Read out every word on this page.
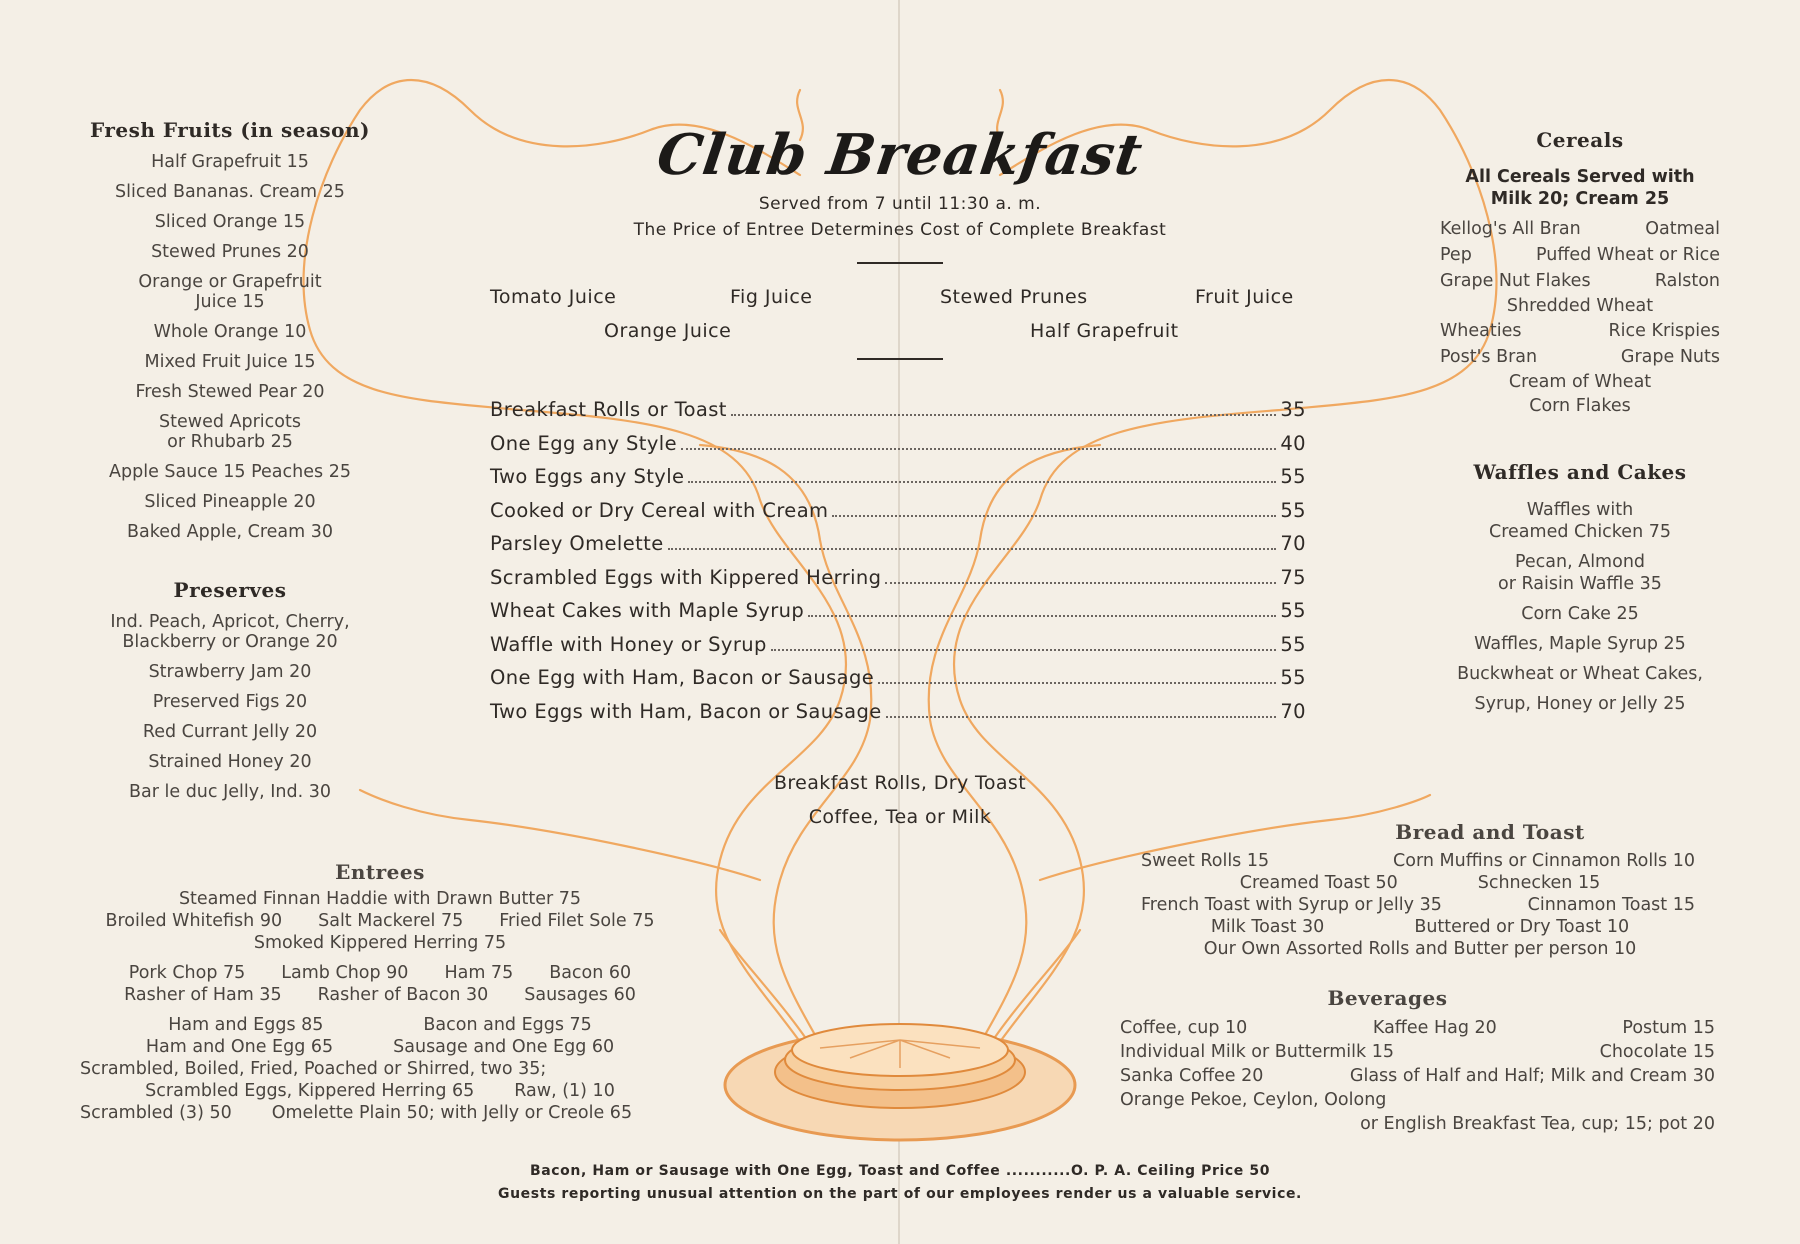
Fresh Fruits (in season)
Half Grapefruit 15
Sliced Bananas. Cream 25
Sliced Orange 15
Stewed Prunes 20
Orange or Grapefruit
Juice 15
Whole Orange 10
Mixed Fruit Juice 15
Fresh Stewed Pear 20
Stewed Apricots
or Rhubarb 25
Apple Sauce 15 Peaches 25
Sliced Pineapple 20
Baked Apple, Cream 30
Preserves
Ind. Peach, Apricot, Cherry,
Blackberry or Orange 20
Strawberry Jam 20
Preserved Figs 20
Red Currant Jelly 20
Strained Honey 20
Bar le duc Jelly, Ind. 30
Club Breakfast
Served from 7 until 11:30 a. m.
The Price of Entree Determines Cost of Complete Breakfast
Tomato Juice	Fig Juice	Stewed Prunes	Fruit Juice
Orange Juice	Half Grapefruit
Breakfast Rolls or Toast	35
One Egg any Style	40
Two Eggs any Style	55
Cooked or Dry Cereal with Cream	55
Parsley Omelette	70
Scrambled Eggs with Kippered Herring	75
Wheat Cakes with Maple Syrup	55
Waffle with Honey or Syrup	55
One Egg with Ham, Bacon or Sausage	55
Two Eggs with Ham, Bacon or Sausage	70
Breakfast Rolls, Dry Toast
Coffee, Tea or Milk
Cereals
All Cereals Served with
Milk 20; Cream 25
Kellog's All Bran	Oatmeal
Pep	Puffed Wheat or Rice
Grape Nut Flakes	Ralston
Shredded Wheat
Wheaties	Rice Krispies
Post's Bran	Grape Nuts
Cream of Wheat
Corn Flakes
Waffles and Cakes
Waffles with
Creamed Chicken 75
Pecan, Almond
or Raisin Waffle 35
Corn Cake 25
Waffles, Maple Syrup 25
Buckwheat or Wheat Cakes,
Syrup, Honey or Jelly 25
Entrees
Steamed Finnan Haddie with Drawn Butter 75
Broiled Whitefish 90 Salt Mackerel 75 Fried Filet Sole 75
Smoked Kippered Herring 75
Pork Chop 75 Lamb Chop 90 Ham 75 Bacon 60
Rasher of Ham 35 Rasher of Bacon 30 Sausages 60
Ham and Eggs 85	Bacon and Eggs 75
Ham and One Egg 65	Sausage and One Egg 60
Scrambled, Boiled, Fried, Poached or Shirred, two 35;
Scrambled Eggs, Kippered Herring 65 Raw, (1) 10
Scrambled (3) 50 Omelette Plain 50; with Jelly or Creole 65
Bread and Toast
Sweet Rolls 15	Corn Muffins or Cinnamon Rolls 10
Creamed Toast 50	Schnecken 15
French Toast with Syrup or Jelly 35	Cinnamon Toast 15
Milk Toast 30	Buttered or Dry Toast 10
Our Own Assorted Rolls and Butter per person 10
Beverages
Coffee, cup 10	Kaffee Hag 20	Postum 15
Individual Milk or Buttermilk 15	Chocolate 15
Sanka Coffee 20	Glass of Half and Half; Milk and Cream 30
Orange Pekoe, Ceylon, Oolong
or English Breakfast Tea, cup; 15; pot 20
Bacon, Ham or Sausage with One Egg, Toast and Coffee ...........O. P. A. Ceiling Price 50
Guests reporting unusual attention on the part of our employees render us a valuable service.
